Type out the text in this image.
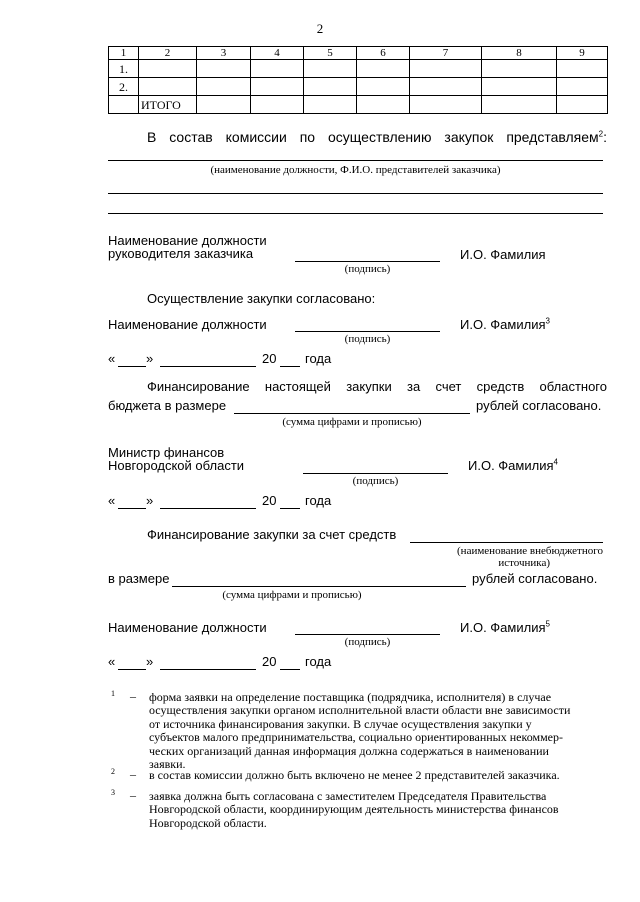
2
1	2	3	4	5	6	7	8	9
1.								
2.								
	ИТОГО							
В состав комиссии по осуществлению закупок представляем$^2$:
(наименование должности, Ф.И.О. представителей заказчика)
Наименование должности
руководителя заказчика
(подпись)
И.О. Фамилия
Осуществление закупки согласовано:
Наименование должности
(подпись)
И.О. Фамилия$^3$
« »	20 года
Финансирование настоящей закупки за счет средств областного
бюджета в размере	рублей согласовано.
(сумма цифрами и прописью)
Министр финансов
Новгородской области
(подпись)
И.О. Фамилия$^4$
« »	20 года
Финансирование закупки за счет средств
(наименование внебюджетного
источника)
в размере	рублей согласовано.
(сумма цифрами и прописью)
Наименование должности
(подпись)
И.О. Фамилия$^5$
« »	20 года
1 – форма заявки на определение поставщика (подрядчика, исполнителя) в случае
осуществления закупки органом исполнительной власти области вне зависимости
от источника финансирования закупки. В случае осуществления закупки у
субъектов малого предпринимательства, социально ориентированных некоммер-
ческих организаций данная информация должна содержаться в наименовании
заявки.
2 – в состав комиссии должно быть включено не менее 2 представителей заказчика.
3 – заявка должна быть согласована с заместителем Председателя Правительства
Новгородской области, координирующим деятельность министерства финансов
Новгородской области.
